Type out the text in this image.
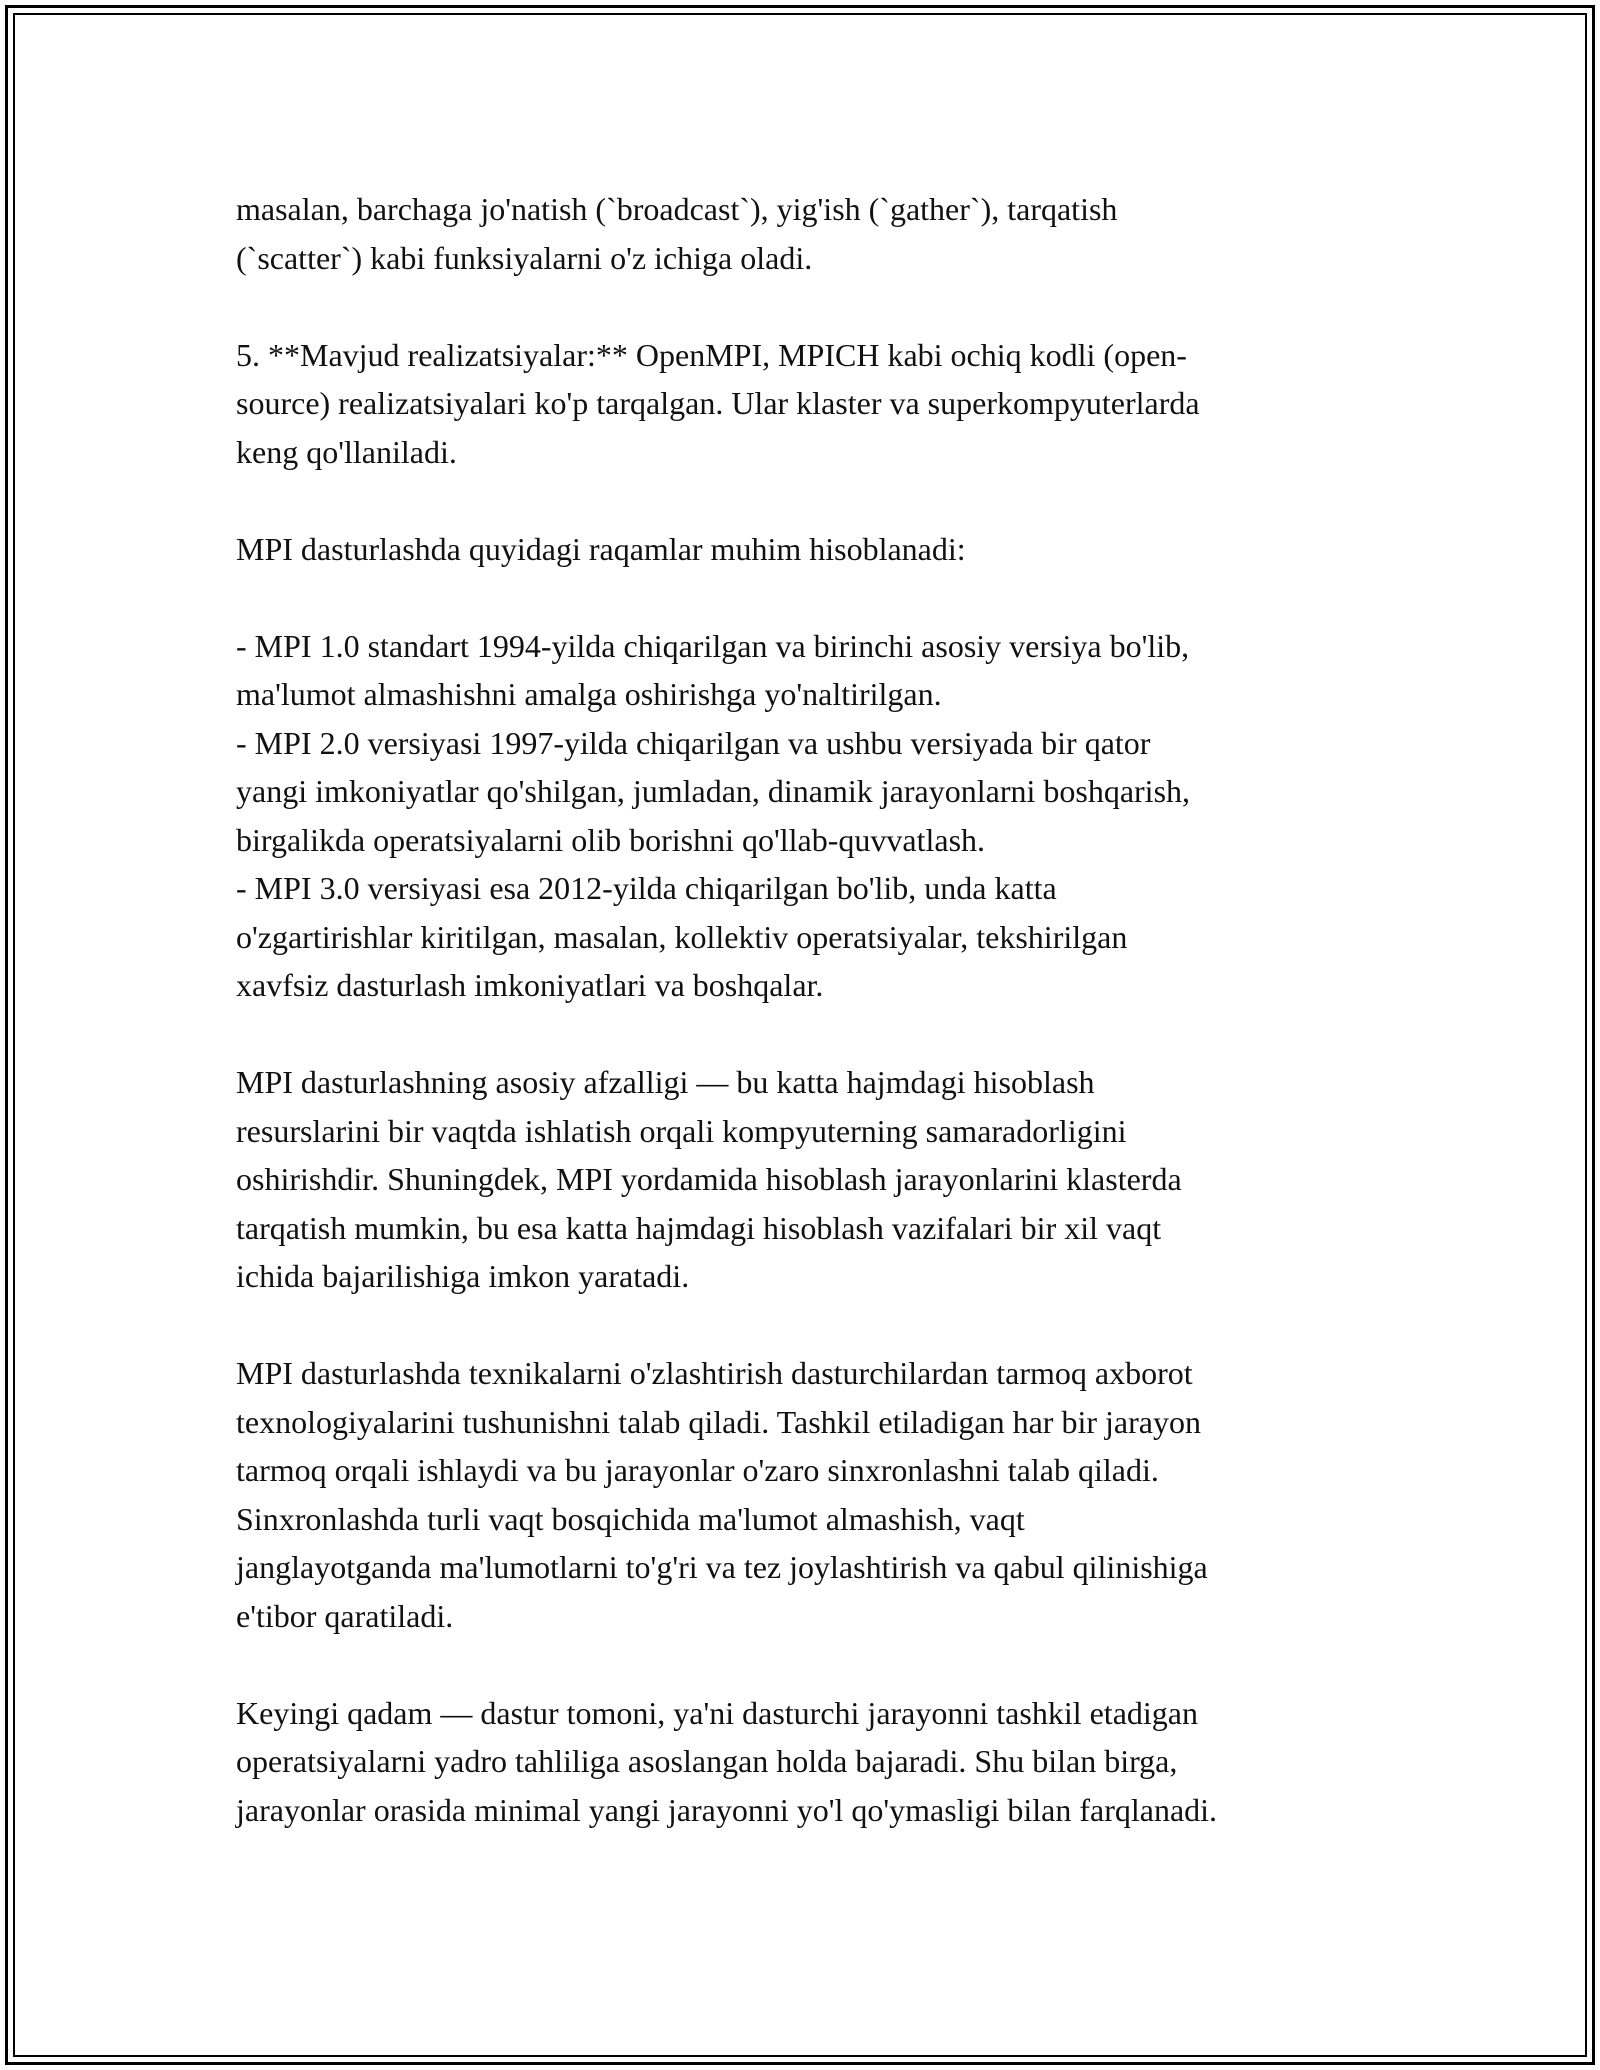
masalan, barchaga jo'natish (`broadcast`), yig'ish (`gather`), tarqatish
(`scatter`) kabi funksiyalarni o'z ichiga oladi.

5. **Mavjud realizatsiyalar:** OpenMPI, MPICH kabi ochiq kodli (open-
source) realizatsiyalari ko'p tarqalgan. Ular klaster va superkompyuterlarda
keng qo'llaniladi.

MPI dasturlashda quyidagi raqamlar muhim hisoblanadi:

- MPI 1.0 standart 1994-yilda chiqarilgan va birinchi asosiy versiya bo'lib,
ma'lumot almashishni amalga oshirishga yo'naltirilgan.
- MPI 2.0 versiyasi 1997-yilda chiqarilgan va ushbu versiyada bir qator
yangi imkoniyatlar qo'shilgan, jumladan, dinamik jarayonlarni boshqarish,
birgalikda operatsiyalarni olib borishni qo'llab-quvvatlash.
- MPI 3.0 versiyasi esa 2012-yilda chiqarilgan bo'lib, unda katta
o'zgartirishlar kiritilgan, masalan, kollektiv operatsiyalar, tekshirilgan
xavfsiz dasturlash imkoniyatlari va boshqalar.

MPI dasturlashning asosiy afzalligi — bu katta hajmdagi hisoblash
resurslarini bir vaqtda ishlatish orqali kompyuterning samaradorligini
oshirishdir. Shuningdek, MPI yordamida hisoblash jarayonlarini klasterda
tarqatish mumkin, bu esa katta hajmdagi hisoblash vazifalari bir xil vaqt
ichida bajarilishiga imkon yaratadi.

MPI dasturlashda texnikalarni o'zlashtirish dasturchilardan tarmoq axborot
texnologiyalarini tushunishni talab qiladi. Tashkil etiladigan har bir jarayon
tarmoq orqali ishlaydi va bu jarayonlar o'zaro sinxronlashni talab qiladi.
Sinxronlashda turli vaqt bosqichida ma'lumot almashish, vaqt
janglayotganda ma'lumotlarni to'g'ri va tez joylashtirish va qabul qilinishiga
e'tibor qaratiladi.

Keyingi qadam — dastur tomoni, ya'ni dasturchi jarayonni tashkil etadigan
operatsiyalarni yadro tahliliga asoslangan holda bajaradi. Shu bilan birga,
jarayonlar orasida minimal yangi jarayonni yo'l qo'ymasligi bilan farqlanadi.
